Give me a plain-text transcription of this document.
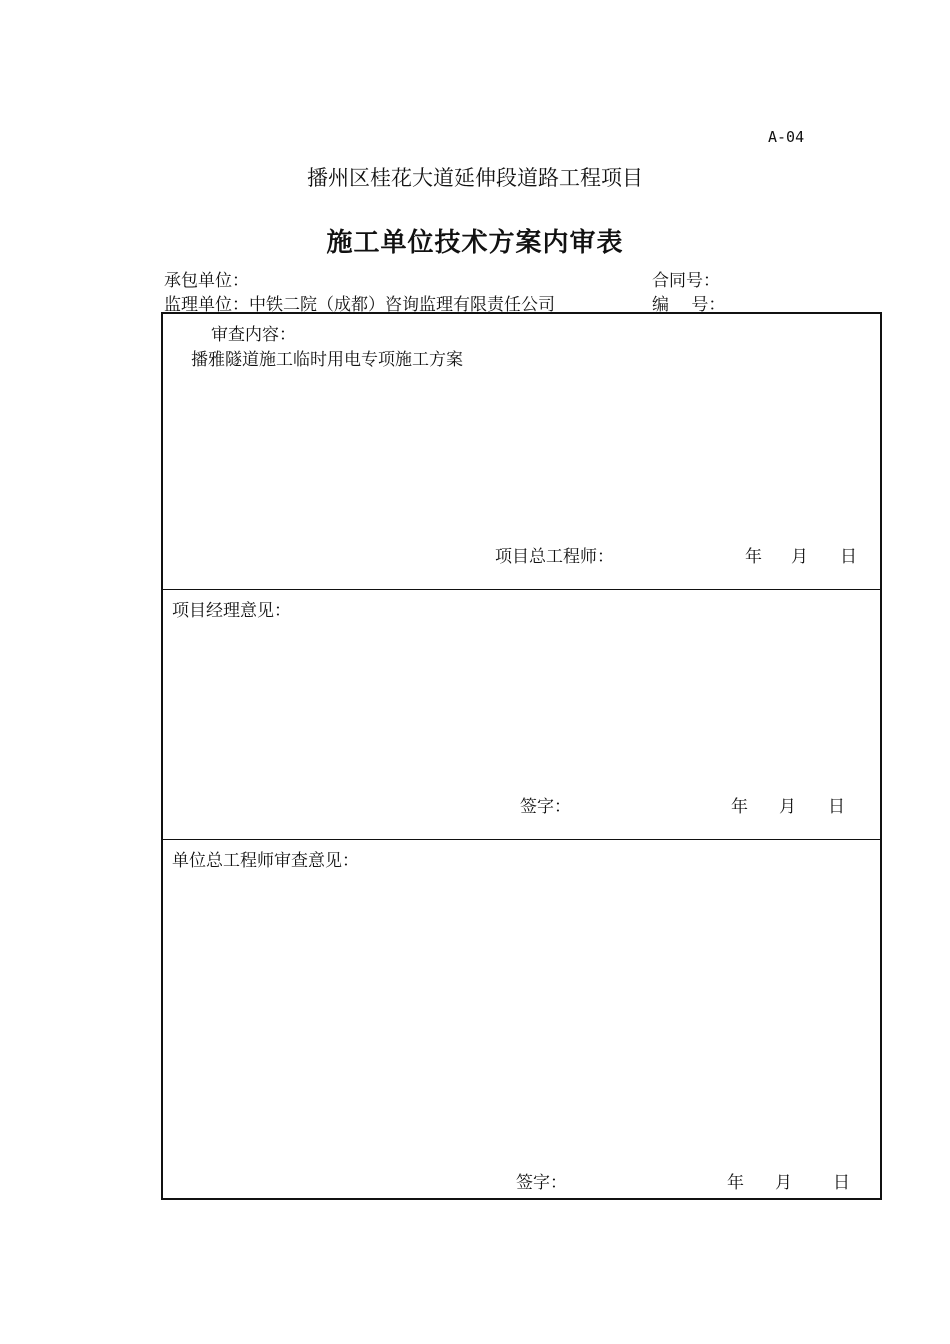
A-04
播州区桂花大道延伸段道路工程项目
施工单位技术方案内审表
承包单位：	合同号：
监理单位：中铁二院（成都）咨询监理有限责任公司	编　 号：
审查内容：
播雅隧道施工临时用电专项施工方案
项目总工程师：	年 月 日
项目经理意见：
签字：	年 月 日
单位总工程师审查意见：
签字：	年 月 日
